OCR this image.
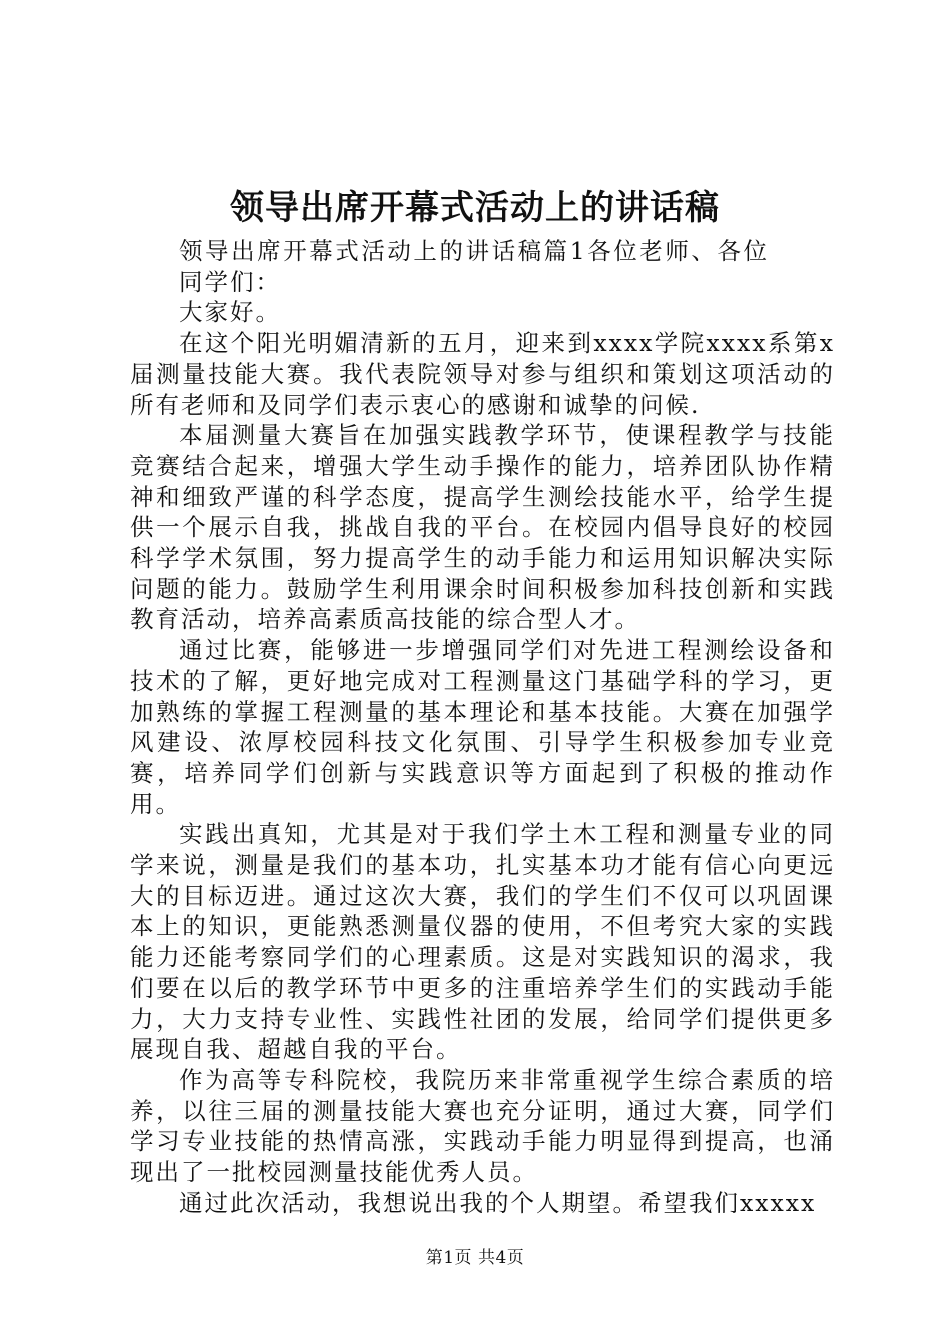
领导出席开幕式活动上的讲话稿

领导出席开幕式活动上的讲话稿篇1各位老师、各位同学们：

大家好。

在这个阳光明媚清新的五月，迎来到xxxx学院xxxx系第x届测量技能大赛。我代表院领导对参与组织和策划这项活动的所有老师和及同学们表示衷心的感谢和诚挚的问候.

本届测量大赛旨在加强实践教学环节，使课程教学与技能竞赛结合起来，增强大学生动手操作的能力，培养团队协作精神和细致严谨的科学态度，提高学生测绘技能水平，给学生提供一个展示自我，挑战自我的平台。在校园内倡导良好的校园科学学术氛围，努力提高学生的动手能力和运用知识解决实际问题的能力。鼓励学生利用课余时间积极参加科技创新和实践教育活动，培养高素质高技能的综合型人才。

通过比赛，能够进一步增强同学们对先进工程测绘设备和技术的了解，更好地完成对工程测量这门基础学科的学习，更加熟练的掌握工程测量的基本理论和基本技能。大赛在加强学风建设、浓厚校园科技文化氛围、引导学生积极参加专业竞赛，培养同学们创新与实践意识等方面起到了积极的推动作用。

实践出真知，尤其是对于我们学土木工程和测量专业的同学来说，测量是我们的基本功，扎实基本功才能有信心向更远大的目标迈进。通过这次大赛，我们的学生们不仅可以巩固课本上的知识，更能熟悉测量仪器的使用，不但考究大家的实践能力还能考察同学们的心理素质。这是对实践知识的渴求，我们要在以后的教学环节中更多的注重培养学生们的实践动手能力，大力支持专业性、实践性社团的发展，给同学们提供更多展现自我、超越自我的平台。

作为高等专科院校，我院历来非常重视学生综合素质的培养，以往三届的测量技能大赛也充分证明，通过大赛，同学们学习专业技能的热情高涨，实践动手能力明显得到提高，也涌现出了一批校园测量技能优秀人员。

通过此次活动，我想说出我的个人期望。希望我们xxxxx

第1页 共4页
